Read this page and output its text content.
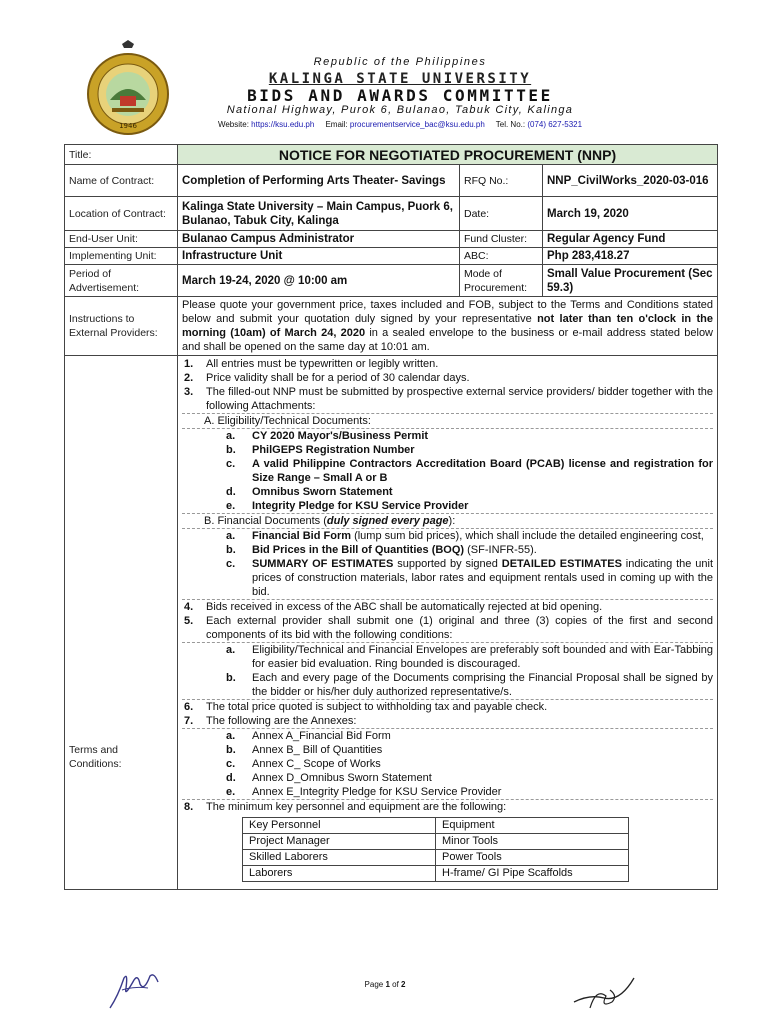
1946
Republic of the Philippines
KALINGA STATE UNIVERSITY
BIDS AND AWARDS COMMITTEE
National Highway, Purok 6, Bulanao, Tabuk City, Kalinga
Website: https://ksu.edu.ph Email: procurementservice_bac@ksu.edu.ph Tel. No.: (074) 627-5321
Title:	NOTICE FOR NEGOTIATED PROCUREMENT (NNP)
Name of Contract:	Completion of Performing Arts Theater- Savings	RFQ No.:	NNP_CivilWorks_2020-03-016
Location of Contract:	Kalinga State University – Main Campus, Puork 6, Bulanao, Tabuk City, Kalinga	Date:	March 19, 2020
End-User Unit:	Bulanao Campus Administrator	Fund Cluster:	Regular Agency Fund
Implementing Unit:	Infrastructure Unit	ABC:	Php 283,418.27
Period of Advertisement:	March 19-24, 2020 @ 10:00 am	Mode of Procurement:	Small Value Procurement (Sec 59.3)
Instructions to External Providers:	Please quote your government price, taxes included and FOB, subject to the Terms and Conditions stated below and submit your quotation duly signed by your representative not later than ten o'clock in the morning (10am) of March 24, 2020 in a sealed envelope to the business or e-mail address stated below and shall be opened on the same day at 10:01 am.
Terms and Conditions:	
1.	All entries must be typewritten or legibly written.
2.	Price validity shall be for a period of 30 calendar days.
3.	The filled-out NNP must be submitted by prospective external service providers/ bidder together with the following Attachments:
A. Eligibility/Technical Documents:
a.	CY 2020 Mayor's/Business Permit
b.	PhilGEPS Registration Number
c.	A valid Philippine Contractors Accreditation Board (PCAB) license and registration for Size Range – Small A or B
d.	Omnibus Sworn Statement
e.	Integrity Pledge for KSU Service Provider
B. Financial Documents (duly signed every page):
a.	Financial Bid Form (lump sum bid prices), which shall include the detailed engineering cost,
b.	Bid Prices in the Bill of Quantities (BOQ) (SF-INFR-55).
c.	SUMMARY OF ESTIMATES supported by signed DETAILED ESTIMATES indicating the unit prices of construction materials, labor rates and equipment rentals used in coming up with the bid.
4.	Bids received in excess of the ABC shall be automatically rejected at bid opening.
5.	Each external provider shall submit one (1) original and three (3) copies of the first and second components of its bid with the following conditions:
a.	Eligibility/Technical and Financial Envelopes are preferably soft bounded and with Ear-Tabbing for easier bid evaluation. Ring bounded is discouraged.
b.	Each and every page of the Documents comprising the Financial Proposal shall be signed by the bidder or his/her duly authorized representative/s.
6.	The total price quoted is subject to withholding tax and payable check.
7.	The following are the Annexes:
a.	Annex A_Financial Bid Form
b.	Annex B_ Bill of Quantities
c.	Annex C_ Scope of Works
d.	Annex D_Omnibus Sworn Statement
e.	Annex E_Integrity Pledge for KSU Service Provider
8.	The minimum key personnel and equipment are the following:
Key Personnel	Equipment
Project Manager	Minor Tools
Skilled Laborers	Power Tools
Laborers	H-frame/ GI Pipe Scaffolds
Page 1 of 2
